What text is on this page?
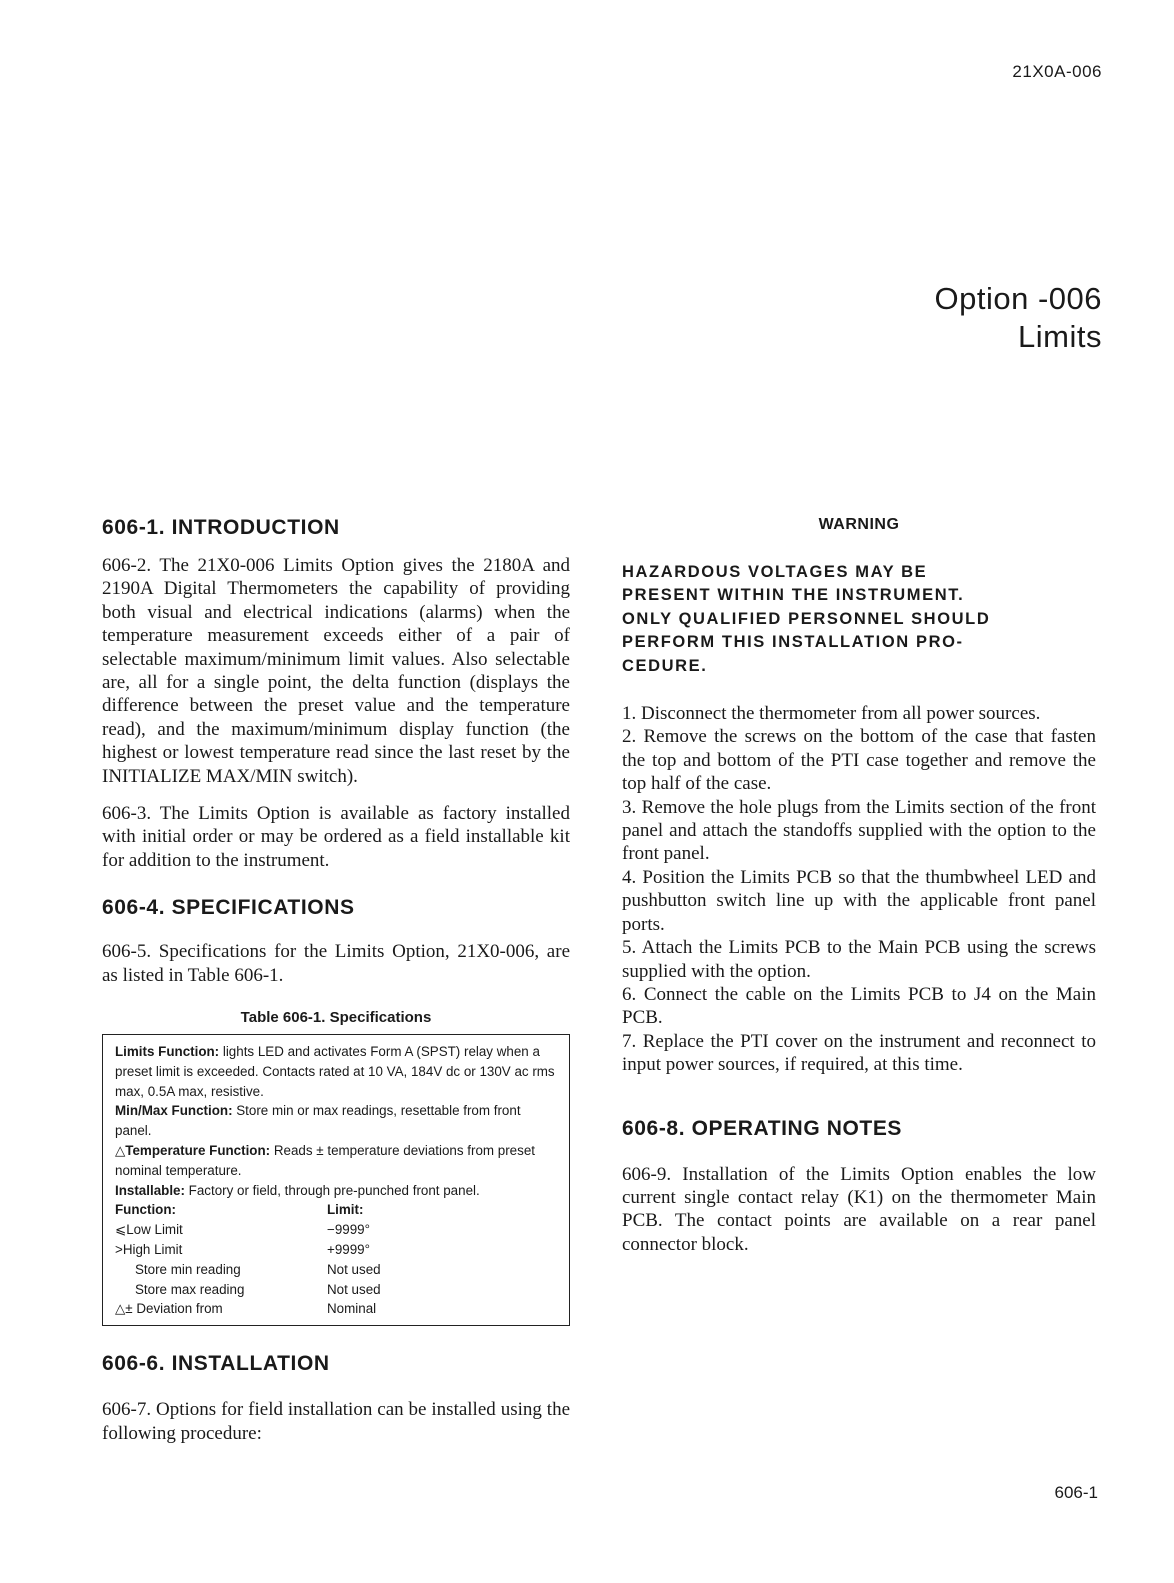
21X0A-006
Option -006
Limits
606-1. INTRODUCTION

606-2. The 21X0-006 Limits Option gives the 2180A and 2190A Digital Thermometers the capability of providing both visual and electrical indications (alarms) when the temperature measurement exceeds either of a pair of selectable maximum/minimum limit values. Also selectable are, all for a single point, the delta function (displays the difference between the preset value and the temperature read), and the maximum/minimum display function (the highest or lowest temperature read since the last reset by the INITIALIZE MAX/MIN switch).

606-3. The Limits Option is available as factory installed with initial order or may be ordered as a field installable kit for addition to the instrument.

606-4. SPECIFICATIONS

606-5. Specifications for the Limits Option, 21X0-006, are as listed in Table 606-1.

Table 606-1. Specifications
Limits Function: lights LED and activates Form A (SPST) relay when a preset limit is exceeded. Contacts rated at 10 VA, 184V dc or 130V ac rms max, 0.5A max, resistive.
Min/Max Function: Store min or max readings, resettable from front panel.
△Temperature Function: Reads ± temperature deviations from preset nominal temperature.
Installable: Factory or field, through pre-punched front panel.
Function:	Limit:
⩽Low Limit	−9999°
>High Limit	+9999°
Store min reading	Not used
Store max reading	Not used
△± Deviation from	Nominal
606-6. INSTALLATION

606-7. Options for field installation can be installed using the following procedure:

WARNING
HAZARDOUS VOLTAGES MAY BE PRESENT WITHIN THE INSTRUMENT. ONLY QUALIFIED PERSONNEL SHOULD PERFORM THIS INSTALLATION PRO-CEDURE.

1. Disconnect the thermometer from all power sources.

2. Remove the screws on the bottom of the case that fasten the top and bottom of the PTI case together and remove the top half of the case.

3. Remove the hole plugs from the Limits section of the front panel and attach the standoffs supplied with the option to the front panel.

4. Position the Limits PCB so that the thumbwheel LED and pushbutton switch line up with the applicable front panel ports.

5. Attach the Limits PCB to the Main PCB using the screws supplied with the option.

6. Connect the cable on the Limits PCB to J4 on the Main PCB.

7. Replace the PTI cover on the instrument and reconnect to input power sources, if required, at this time.

606-8. OPERATING NOTES

606-9. Installation of the Limits Option enables the low current single contact relay (K1) on the thermometer Main PCB. The contact points are available on a rear panel connector block.

606-1
